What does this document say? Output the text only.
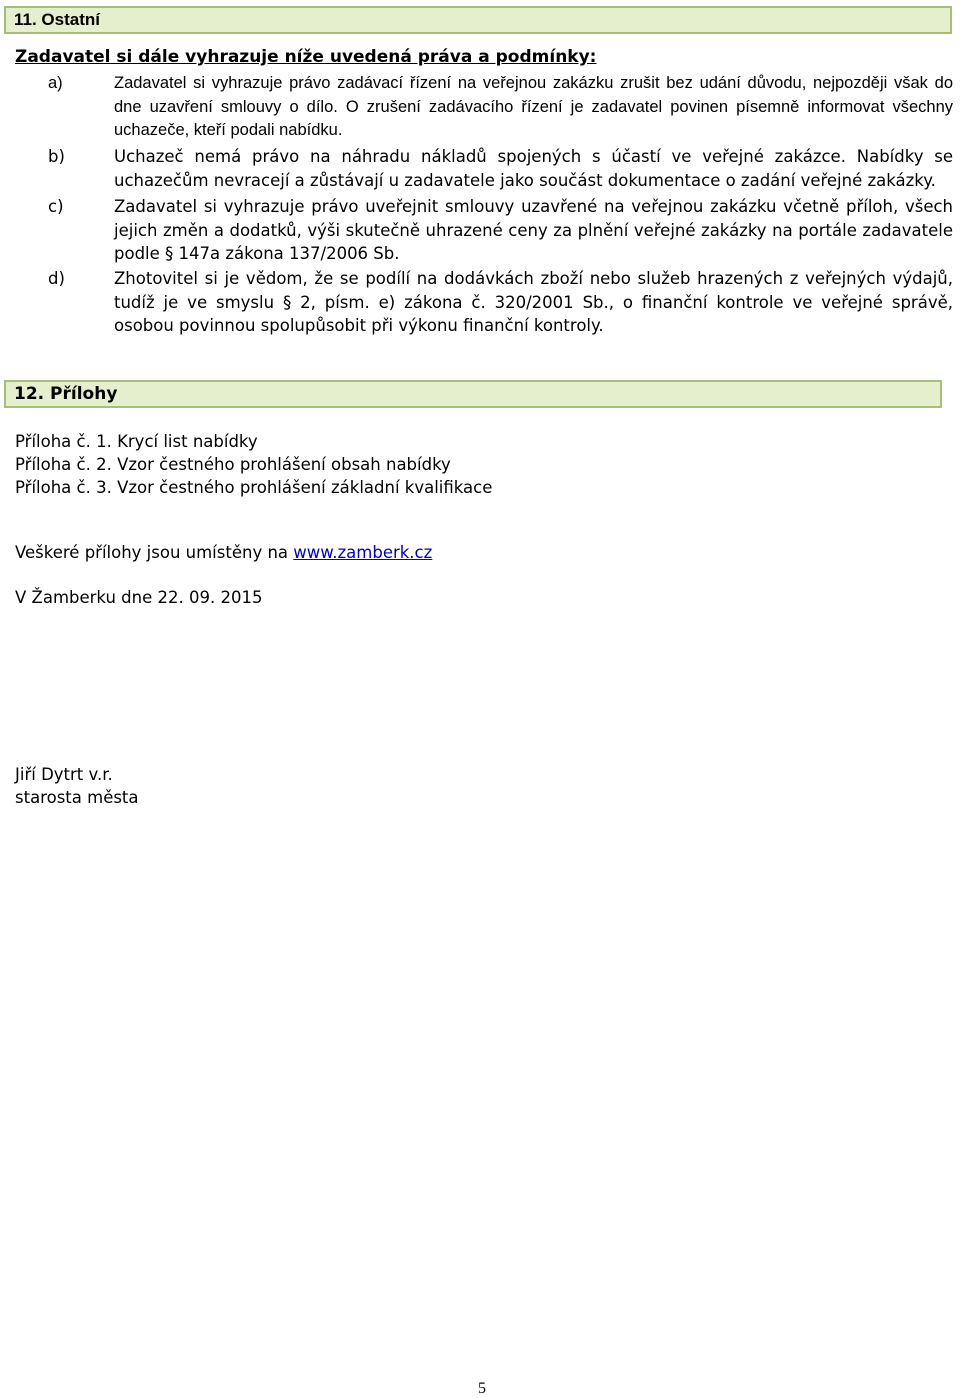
11. Ostatní
Zadavatel si dále vyhrazuje níže uvedená práva a podmínky:
a)	Zadavatel si vyhrazuje právo zadávací řízení na veřejnou zakázku zrušit bez udání důvodu, nejpozději však do dne uzavření smlouvy o dílo. O zrušení zadávacího řízení je zadavatel povinen písemně informovat všechny uchazeče, kteří podali nabídku.
b)	Uchazeč nemá právo na náhradu nákladů spojených s účastí ve veřejné zakázce. Nabídky se uchazečům nevracejí a zůstávají u zadavatele jako součást dokumentace o zadání veřejné zakázky.
c)	Zadavatel si vyhrazuje právo uveřejnit smlouvy uzavřené na veřejnou zakázku včetně příloh, všech jejich změn a dodatků, výši skutečně uhrazené ceny za plnění veřejné zakázky na portále zadavatele podle § 147a zákona 137/2006 Sb.
d)	Zhotovitel si je vědom, že se podílí na dodávkách zboží nebo služeb hrazených z veřejných výdajů, tudíž je ve smyslu § 2, písm. e) zákona č. 320/2001 Sb., o finanční kontrole ve veřejné správě, osobou povinnou spolupůsobit při výkonu finanční kontroly.
12. Přílohy
Příloha č. 1. Krycí list nabídky
Příloha č. 2. Vzor čestného prohlášení obsah nabídky
Příloha č. 3. Vzor čestného prohlášení základní kvalifikace
Veškeré přílohy jsou umístěny na www.zamberk.cz
V Žamberku dne 22. 09. 2015
Jiří Dytrt v.r.
starosta města
5
